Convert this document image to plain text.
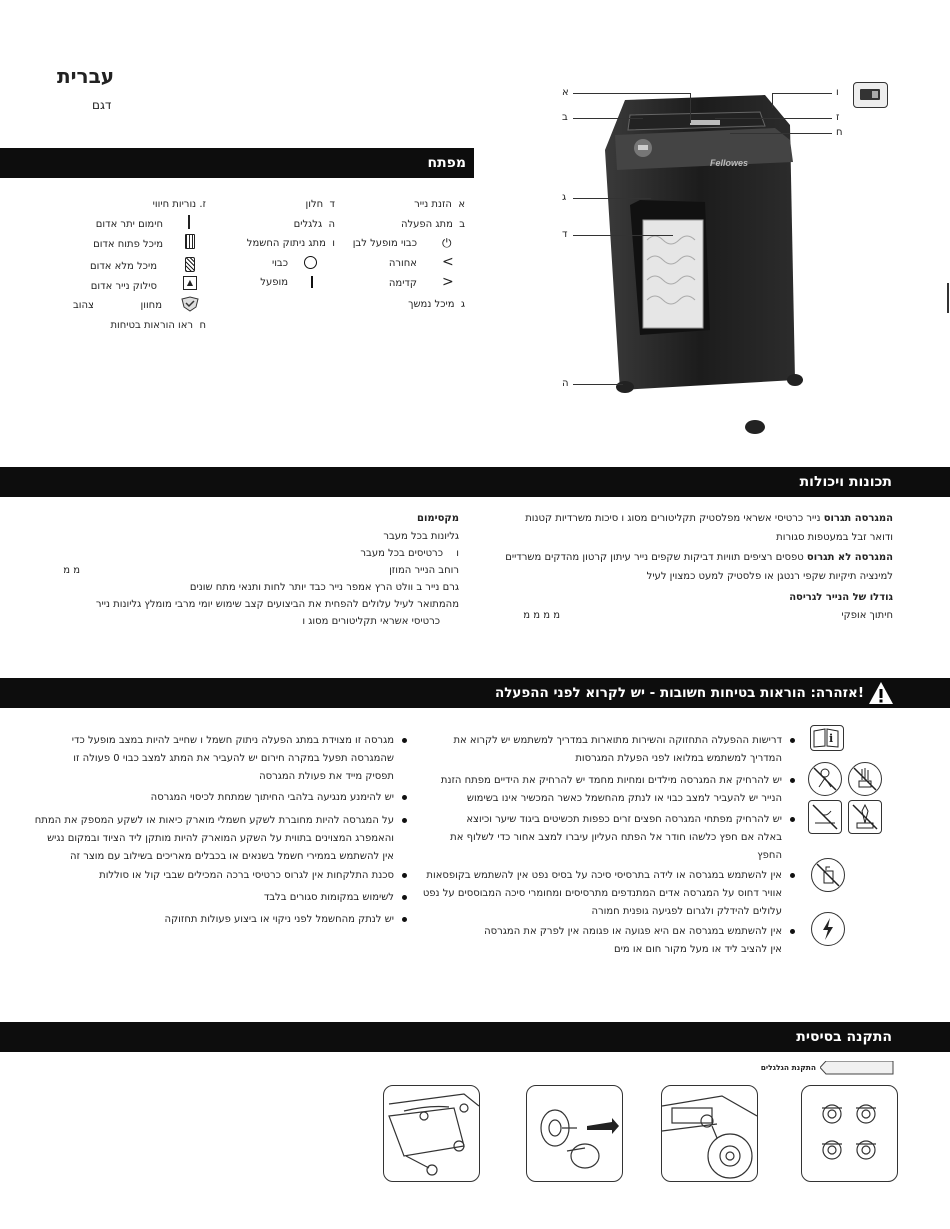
עברית
דגם
מפתח
א  הזנת נייר
ב  מתג הפעלה
כבוי מופעל לבן
אחורה
קדימה
ג  מיכל נמשך
⏻
<
>
ד  חלון
ה  גלגלים
ו  מתג ניתוק החשמל
כבוי
מופעל
ז. נוריות חיווי
חימום יתר אדום
מיכל פתוח אדום
מיכל מלא אדום
סילוק נייר אדום	▲
מחוון
צהוב
ח  ראו הוראות בטיחות
Fellowes
א
ב
ג
ד
ה
ו
ז
ח
תכונות ויכולות
המגרסה תגרוס נייר כרטיסי אשראי מפלסטיק תקליטורים מסוג ו סיכות משרדיות קטנות
ודואר זבל במעטפות סגורות
המגרסה לא תגרוס טפסים רציפים תוויות דביקות שקפים נייר עיתון קרטון מהדקים משרדיים
למינציה תיקיות שקפי רנטגן או פלסטיק למעט כמצוין לעיל
גודלו של הנייר לגריסה
חיתוך אופקי
מ מ מ מ
מקסימום
גליונות בכל מעבר
כרטיסים בכל מעבר ו
רוחב הנייר המוזן
מ מ
גרם נייר ב וולט הרץ אמפר נייר כבד יותר לחות ותנאי מתח שונים
מהמתואר לעיל עלולים להפחית את הביצועים קצב שימוש יומי מרבי מומלץ גליונות נייר
כרטיסי אשראי תקליטורים מסוג ו
אזהרה: הוראות בטיחות חשובות - יש לקרוא לפני ההפעלה!
i
דרישות ההפעלה התחזוקה והשירות מתוארות במדריך למשתמש יש לקרוא את
המדריך למשתמש במלואו לפני הפעלת המגרסות
יש להרחיק את המגרסה מילדים ומחיות מחמד יש להרחיק את הידיים מפתח הזנת
הנייר יש להעביר למצב כבוי או לנתק מהחשמל כאשר המכשיר אינו בשימוש
יש להרחיק מפתחי המגרסה חפצים זרים כפפות תכשיטים ביגוד שיער וכיוצא
באלה אם חפץ כלשהו חודר אל הפתח העליון עיברו למצב אחור כדי לשלוף את
החפץ
אין להשתמש במגרסה או לידה בתרסיסי סיכה על בסיס נפט אין להשתמש בקופסאות
אוויר דחוס על המגרסה אדים המתנדפים מתרסיסים ומחומרי סיכה המבוססים על נפט
עלולים להידלק ולגרום לפגיעה גופנית חמורה
אין להשתמש במגרסה אם היא פגועה או פגומה אין לפרק את המגרסה
אין להציב ליד או מעל מקור חום או מים
מגרסה זו מצוידת במתג הפעלה ניתוק חשמל ו שחייב להיות במצב מופעל כדי
שהמגרסה תפעל במקרה חירום יש להעביר את המתג למצב כבוי 0 פעולה זו
תפסיק מייד את פעולת המגרסה
יש להימנע מנגיעה בלהבי החיתוך שמתחת לכיסוי המגרסה
על המגרסה להיות מחוברת לשקע חשמלי מוארק כיאות או לשקע המספק את המתח
והאמפרג המצוינים בתווית על השקע המוארק להיות מותקן ליד הציוד ובמקום נגיש
אין להשתמש בממירי חשמל בשנאים או בכבלים מאריכים בשילוב עם מוצר זה
סכנת התלקחות אין לגרוס כרטיסי ברכה המכילים שבבי קול או סוללות
לשימוש במקומות סגורים בלבד
יש לנתק מהחשמל לפני ניקוי או ביצוע פעולות תחזוקה
התקנה בסיסית
התקנת הגלגלים
